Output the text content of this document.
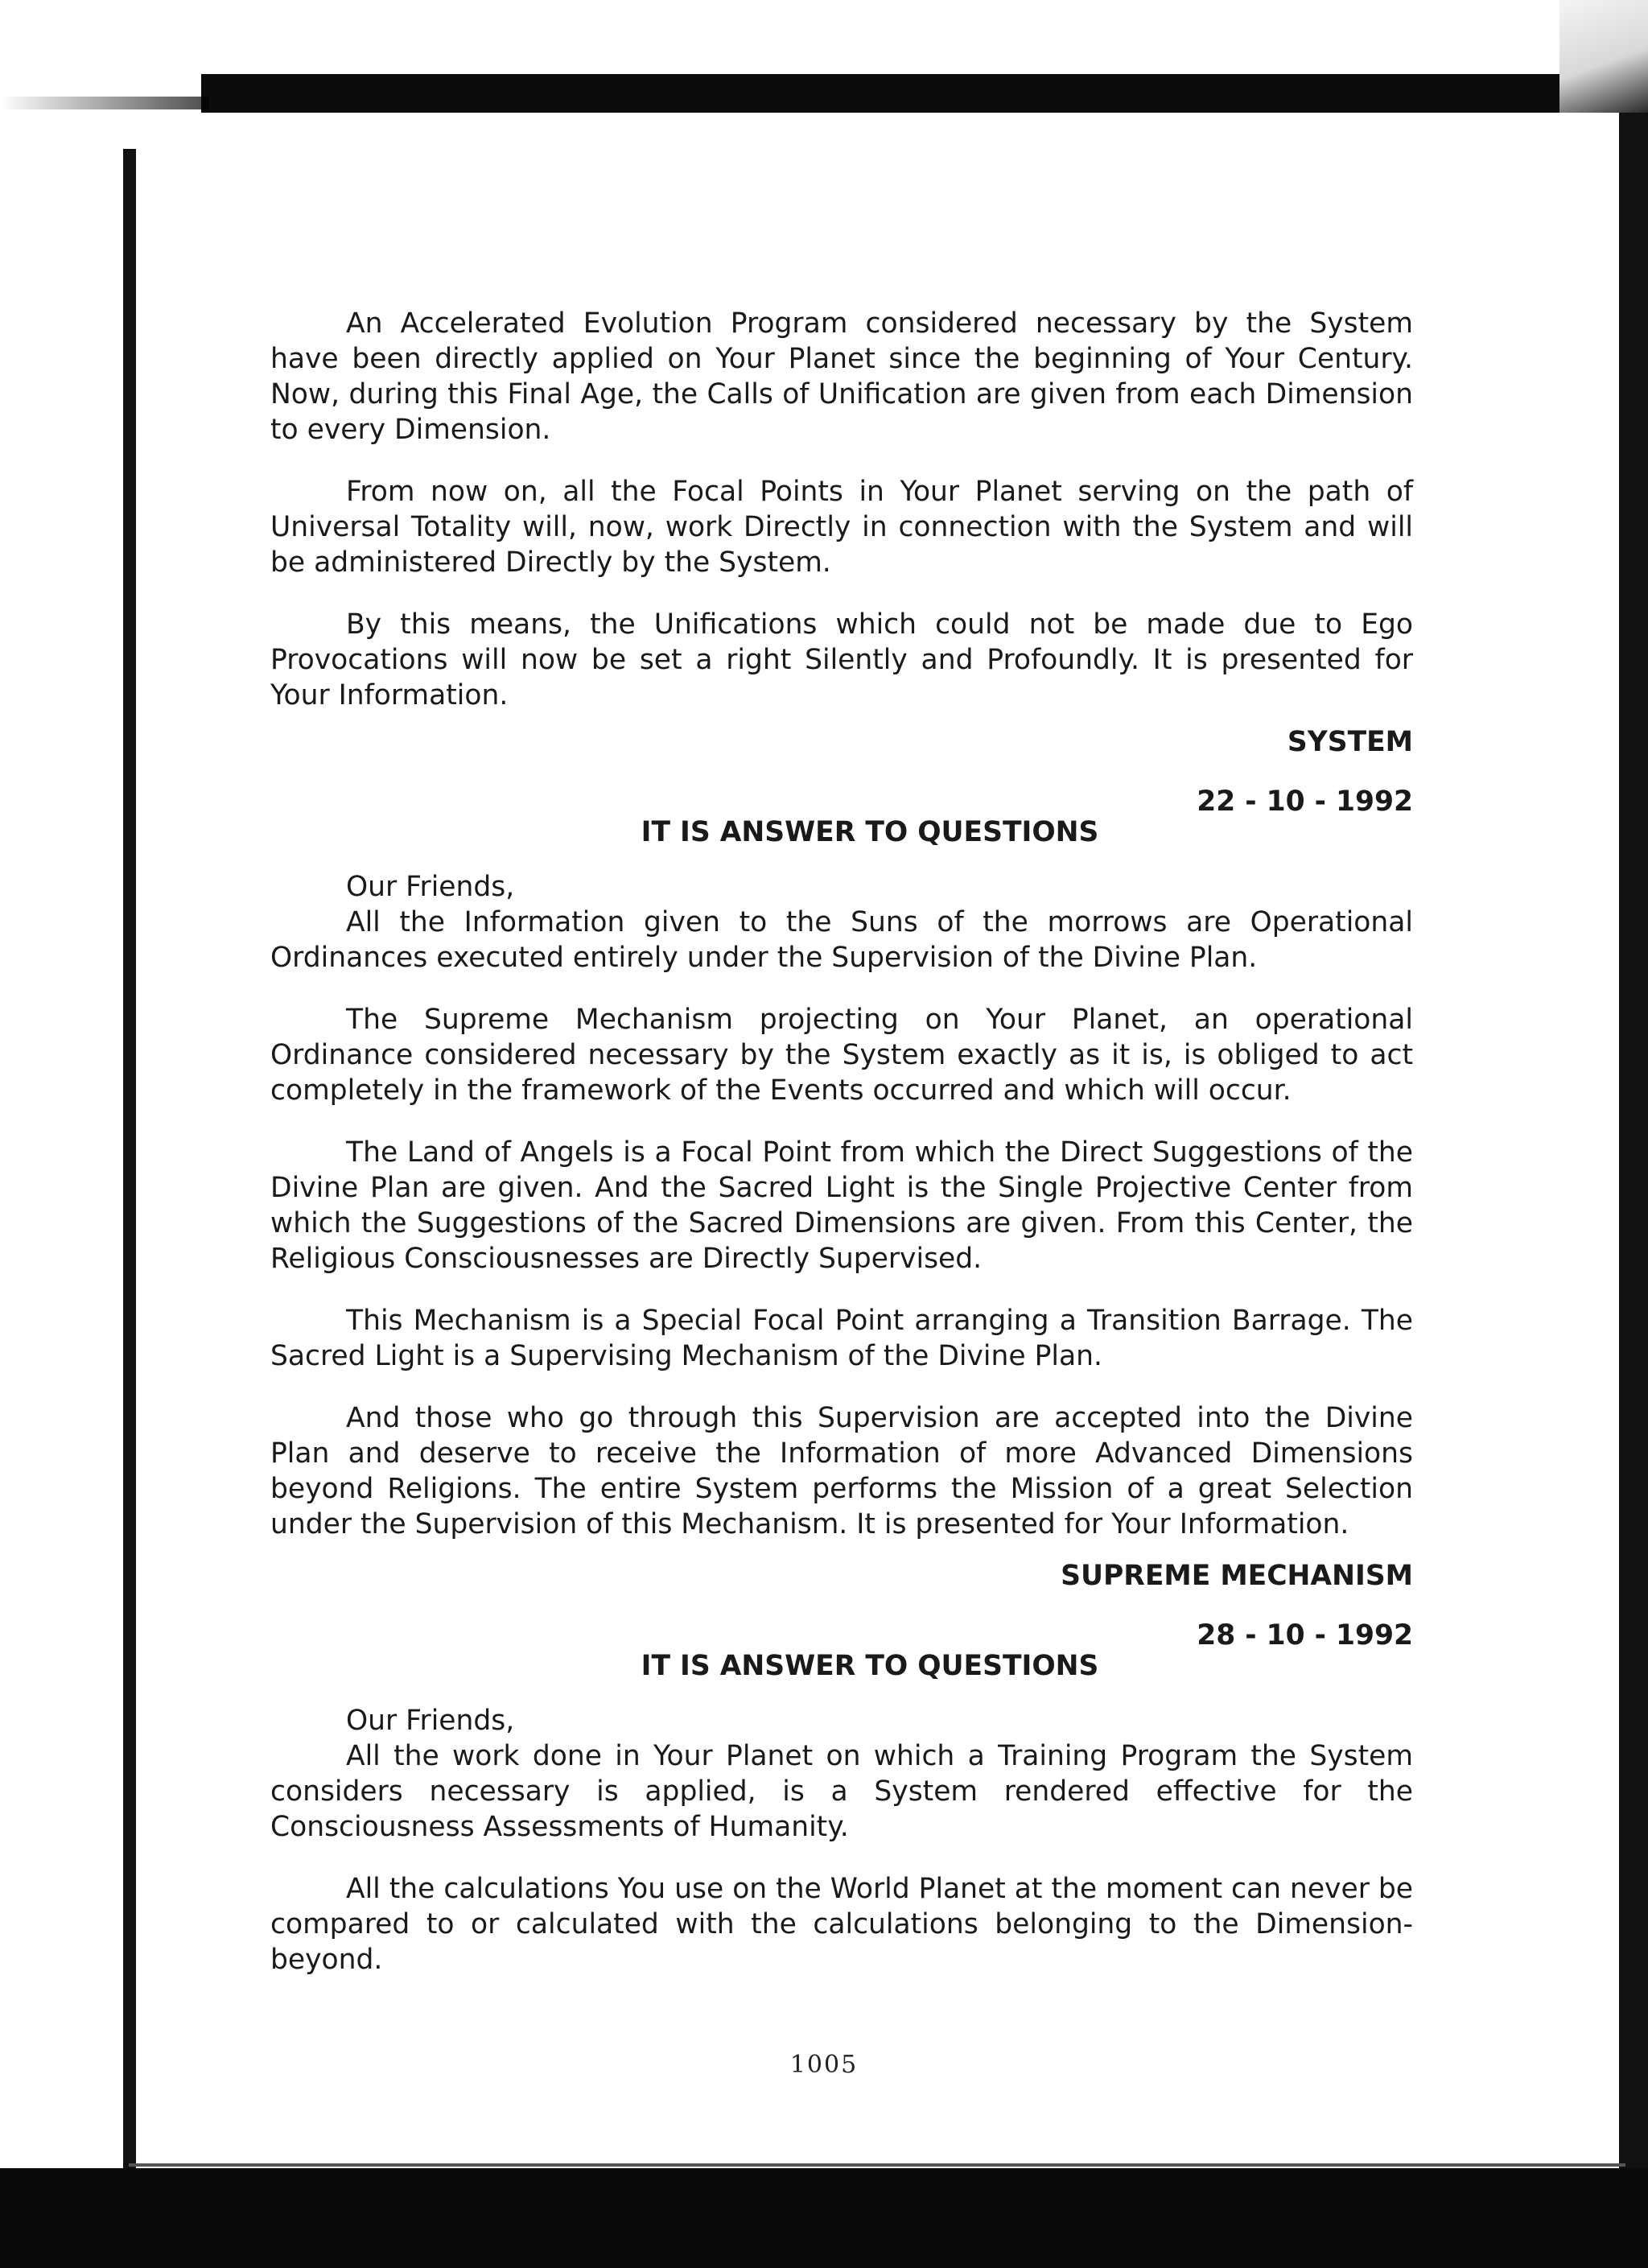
An Accelerated Evolution Program considered necessary by the System have been directly applied on Your Planet since the beginning of Your Century. Now, during this Final Age, the Calls of Unification are given from each Dimension to every Dimension.

From now on, all the Focal Points in Your Planet serving on the path of Universal Totality will, now, work Directly in connection with the System and will be administered Directly by the System.

By this means, the Unifications which could not be made due to Ego Provocations will now be set a right Silently and Profoundly. It is presented for Your Information.

SYSTEM

22 - 10 - 1992

IT IS ANSWER TO QUESTIONS

Our Friends,

All the Information given to the Suns of the morrows are Operational Ordinances executed entirely under the Supervision of the Divine Plan.

The Supreme Mechanism projecting on Your Planet, an operational Ordinance considered necessary by the System exactly as it is, is obliged to act completely in the framework of the Events occurred and which will occur.

The Land of Angels is a Focal Point from which the Direct Suggestions of the Divine Plan are given. And the Sacred Light is the Single Projective Center from which the Suggestions of the Sacred Dimensions are given. From this Center, the Religious Consciousnesses are Directly Supervised.

This Mechanism is a Special Focal Point arranging a Transition Barrage. The Sacred Light is a Supervising Mechanism of the Divine Plan.

And those who go through this Supervision are accepted into the Divine Plan and deserve to receive the Information of more Advanced Dimensions beyond Religions. The entire System performs the Mission of a great Selection under the Supervision of this Mechanism. It is presented for Your Information.

SUPREME MECHANISM

28 - 10 - 1992

IT IS ANSWER TO QUESTIONS

Our Friends,

All the work done in Your Planet on which a Training Program the System considers necessary is applied, is a System rendered effective for the Consciousness Assessments of Humanity.

All the calculations You use on the World Planet at the moment can never be compared to or calculated with the calculations belonging to the Dimension-beyond.

1005
